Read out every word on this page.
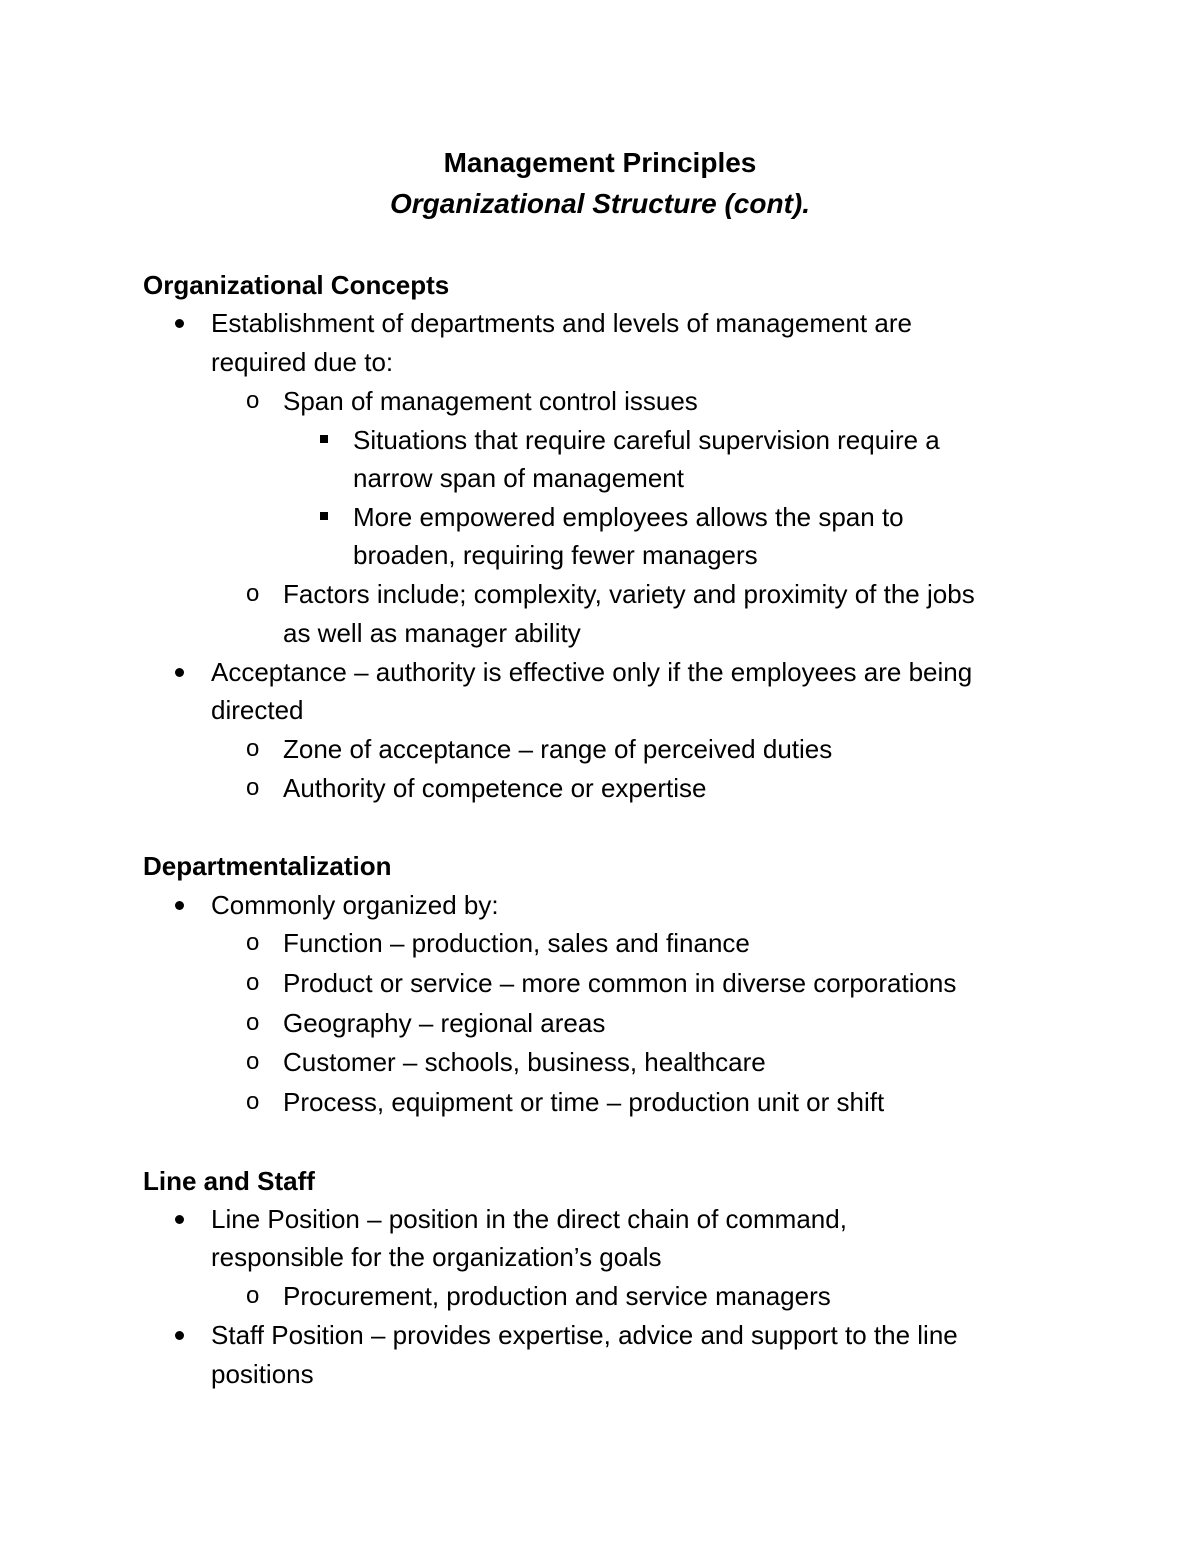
Management Principles
Organizational Structure (cont).
Organizational Concepts
Establishment of departments and levels of management are
required due to:
o Span of management control issues
Situations that require careful supervision require a
narrow span of management
More empowered employees allows the span to
broaden, requiring fewer managers
o Factors include; complexity, variety and proximity of the jobs
as well as manager ability
Acceptance – authority is effective only if the employees are being
directed
o Zone of acceptance – range of perceived duties
o Authority of competence or expertise
Departmentalization
Commonly organized by:
o Function – production, sales and finance
o Product or service – more common in diverse corporations
o Geography – regional areas
o Customer – schools, business, healthcare
o Process, equipment or time – production unit or shift
Line and Staff
Line Position – position in the direct chain of command,
responsible for the organization’s goals
o Procurement, production and service managers
Staff Position – provides expertise, advice and support to the line
positions
